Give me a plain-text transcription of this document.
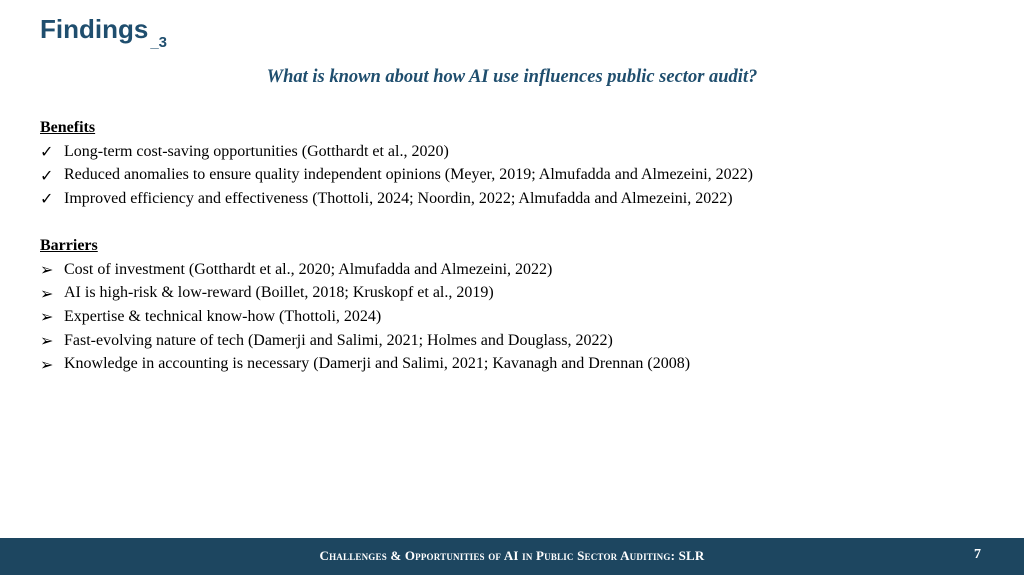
Findings $_{\_3}$
What is known about how AI use influences public sector audit?
Benefits
✓ Long-term cost-saving opportunities (Gotthardt et al., 2020)
✓ Reduced anomalies to ensure quality independent opinions (Meyer, 2019; Almufadda and Almezeini, 2022)
✓ Improved efficiency and effectiveness (Thottoli, 2024; Noordin, 2022; Almufadda and Almezeini, 2022)
Barriers
➢ Cost of investment (Gotthardt et al., 2020; Almufadda and Almezeini, 2022)
➢ AI is high-risk & low-reward (Boillet, 2018; Kruskopf et al., 2019)
➢ Expertise & technical know-how (Thottoli, 2024)
➢ Fast-evolving nature of tech (Damerji and Salimi, 2021; Holmes and Douglass, 2022)
➢ Knowledge in accounting is necessary (Damerji and Salimi, 2021; Kavanagh and Drennan (2008)
Challenges & Opportunities of AI in Public Sector Auditing: SLR	7
